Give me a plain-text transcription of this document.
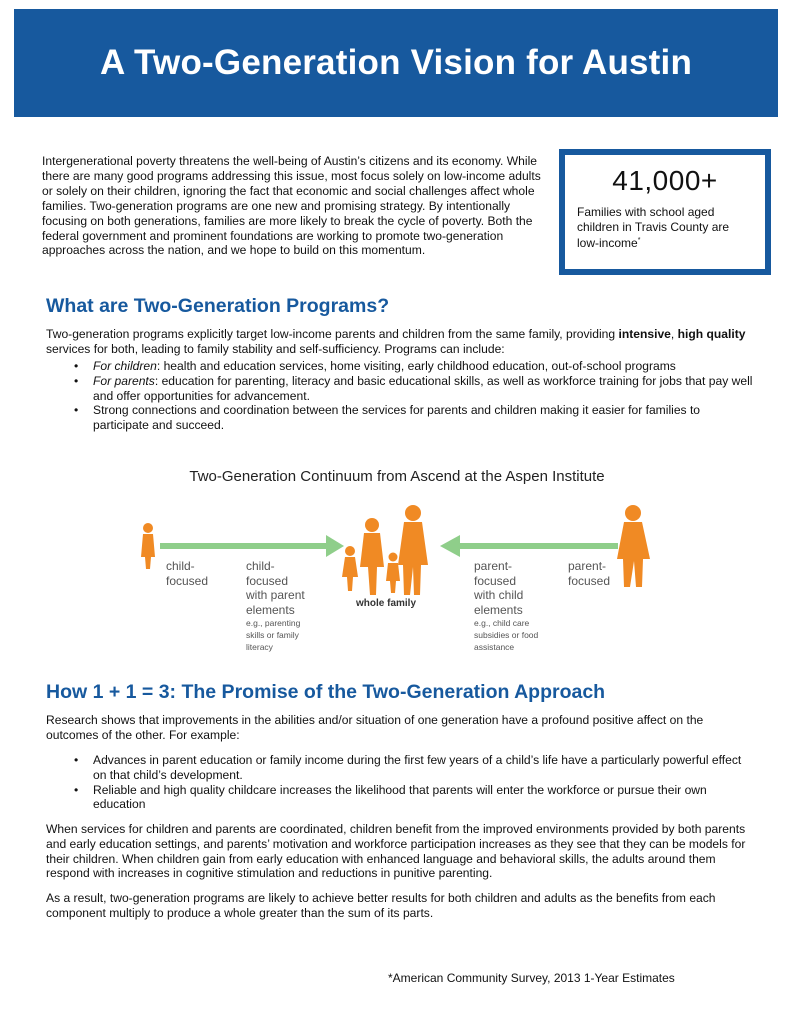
A Two-Generation Vision for Austin

Intergenerational poverty threatens the well-being of Austin’s citizens and its economy. While there are many good programs addressing this issue, most focus solely on low-income adults or solely on their children, ignoring the fact that economic and social challenges affect whole families. Two-generation programs are one new and promising strategy. By intentionally focusing on both generations, families are more likely to break the cycle of poverty. Both the federal government and prominent foundations are working to promote two-generation approaches across the nation, and we hope to build on this momentum.

41,000+
Families with school aged children in Travis County are low-income*
What are Two-Generation Programs?

Two-generation programs explicitly target low-income parents and children from the same family, providing intensive, high quality services for both, leading to family stability and self-sufficiency. Programs can include:

• For children: health and education services, home visiting, early childhood education, out-of-school programs
• For parents: education for parenting, literacy and basic educational skills, as well as workforce training for jobs that pay well and offer opportunities for advancement.
• Strong connections and coordination between the services for parents and children making it easier for families to participate and succeed.
Two-Generation Continuum from Ascend at the Aspen Institute
child-
focused
child-
focused
with parent
elements
e.g., parenting
skills or family
literacy
whole family
parent-
focused
with child
elements
e.g., child care
subsidies or food
assistance
parent-
focused
How 1 + 1 = 3: The Promise of the Two-Generation Approach

Research shows that improvements in the abilities and/or situation of one generation have a profound positive affect on the outcomes of the other. For example:

• Advances in parent education or family income during the first few years of a child’s life have a particularly powerful effect on that child’s development.
• Reliable and high quality childcare increases the likelihood that parents will enter the workforce or pursue their own education

When services for children and parents are coordinated, children benefit from the improved environments provided by both parents and early education settings, and parents’ motivation and workforce participation increases as they see that they can be models for their children. When children gain from early education with enhanced language and behavioral skills, the adults around them respond with increases in cognitive stimulation and reductions in punitive parenting.

As a result, two-generation programs are likely to achieve better results for both children and adults as the benefits from each component multiply to produce a whole greater than the sum of its parts.

*American Community Survey, 2013 1-Year Estimates
